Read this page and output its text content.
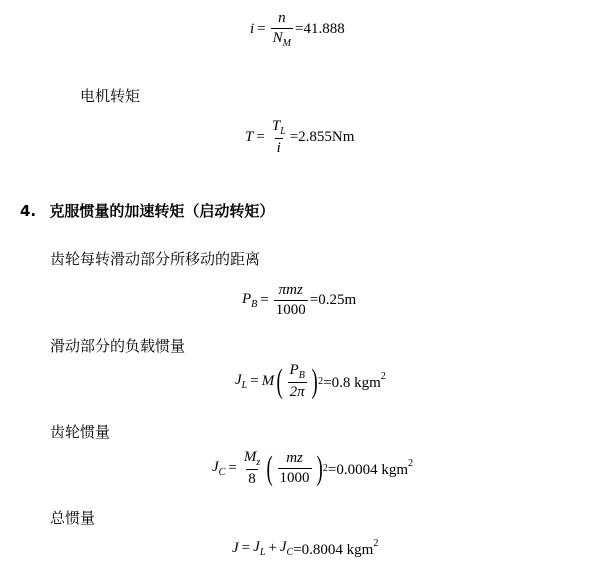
$i = \frac{n}{N_M} =41.888$
电机转矩
$T = \frac{T_L}{i} =2.855Nm$
4. 克服惯量的加速转矩（启动转矩）
齿轮每转滑动部分所移动的距离
$P_B = \frac{\text{πmz}}{1000} =0.25m$
滑动部分的负载惯量
$J_L = M$ ( $\frac{P_B}{2\pi}$ ) 2 =0.8 kgm$^2$
齿轮惯量
$J_C = \frac{M_z}{8}$ ( $\frac{mz}{1000}$ ) 2 =0.0004 kgm$^2$
总惯量
$J = J_L + J_C =0.8004$ kgm$^2$
